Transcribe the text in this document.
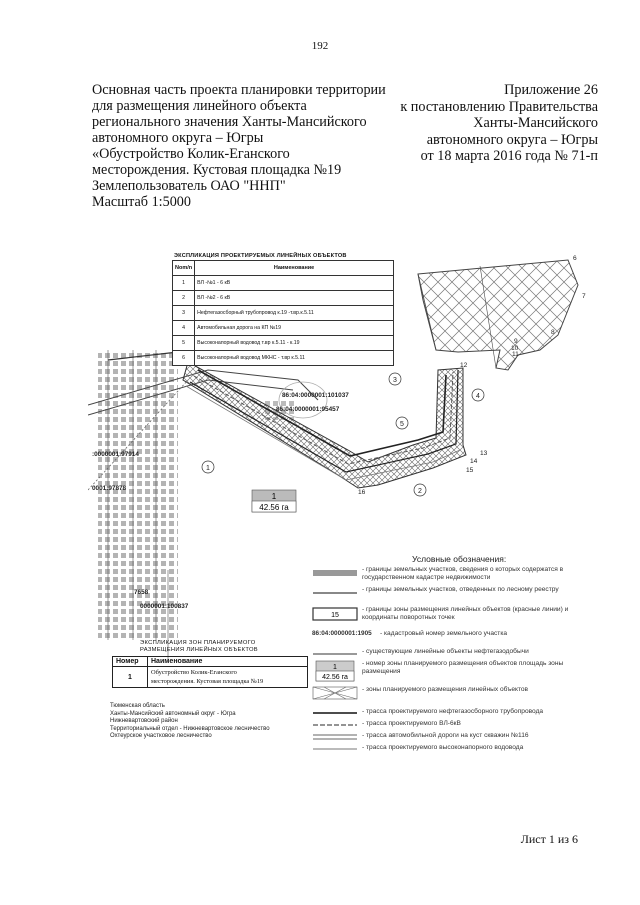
192
Основная часть проекта планировки территории
для размещения линейного объекта
регионального значения Ханты-Мансийского
автономного округа – Югры
«Обустройство Колик-Еганского
месторождения. Кустовая площадка №19
Землепользователь ОАО "ННП"
Масштаб 1:5000
Приложение 26
к постановлению Правительства
Ханты-Мансийского
автономного округа – Югры
от 18 марта 2016 года № 71-п
1
42.56 га
86:04:0000001:101037
86:04:0000001:95457
:0000001:97914
0001:97878
0000001:100837
7658
6
7
8
9
10
11
12
13
14
15
16
1
2
3
4
5
ЭКСПЛИКАЦИЯ ПРОЕКТИРУЕМЫХ ЛИНЕЙНЫХ ОБЪЕКТОВ
Nom/n	Наименование
1	ВЛ -№1 - 6 кВ
2	ВЛ -№2 - 6 кВ
3	Нефтегазосборный трубопровод к.19 -т.вр.к.5.11
4	Автомобильная дорога на КП №19
5	Высоконапорный водовод т.вр к.5.11 - к.19
6	Высоконапорный водовод МКНС - т.вр к.5.11
Условные обозначения:
- границы земельных участков, сведения о которых содержатся в государственном кадастре недвижимости
- границы земельных участков, отведенных по лесному реестру
15
- границы зоны размещения линейных объектов (красные линии) и координаты поворотных точек
86:04:0000001:1905 - кадастровый номер земельного участка
- существующие линейные объекты нефтегазодобычи
1
42.56 га
- номер зоны планируемого размещения объектов площадь зоны размещения
- зоны планируемого размещения линейных объектов
- трасса проектируемого нефтегазосборного трубопровода
- трасса проектируемого ВЛ-6кВ
- трасса автомобильной дороги на куст скважин №116
- трасса проектируемого высоконапорного водовода
ЭКСПЛИКАЦИЯ ЗОН ПЛАНИРУЕМОГО
РАЗМЕЩЕНИЯ ЛИНЕЙНЫХ ОБЪЕКТОВ
Номер	Наименование
1	Обустройство Колик-Еганского
месторождения. Кустовая площадка №19
Тюменская область
Ханты-Мансийский автономный округ - Югра
Нижневартовский район
Территориальный отдел - Нижневартовское лесничество
Охтеурское участковое лесничество
Лист 1 из 6
